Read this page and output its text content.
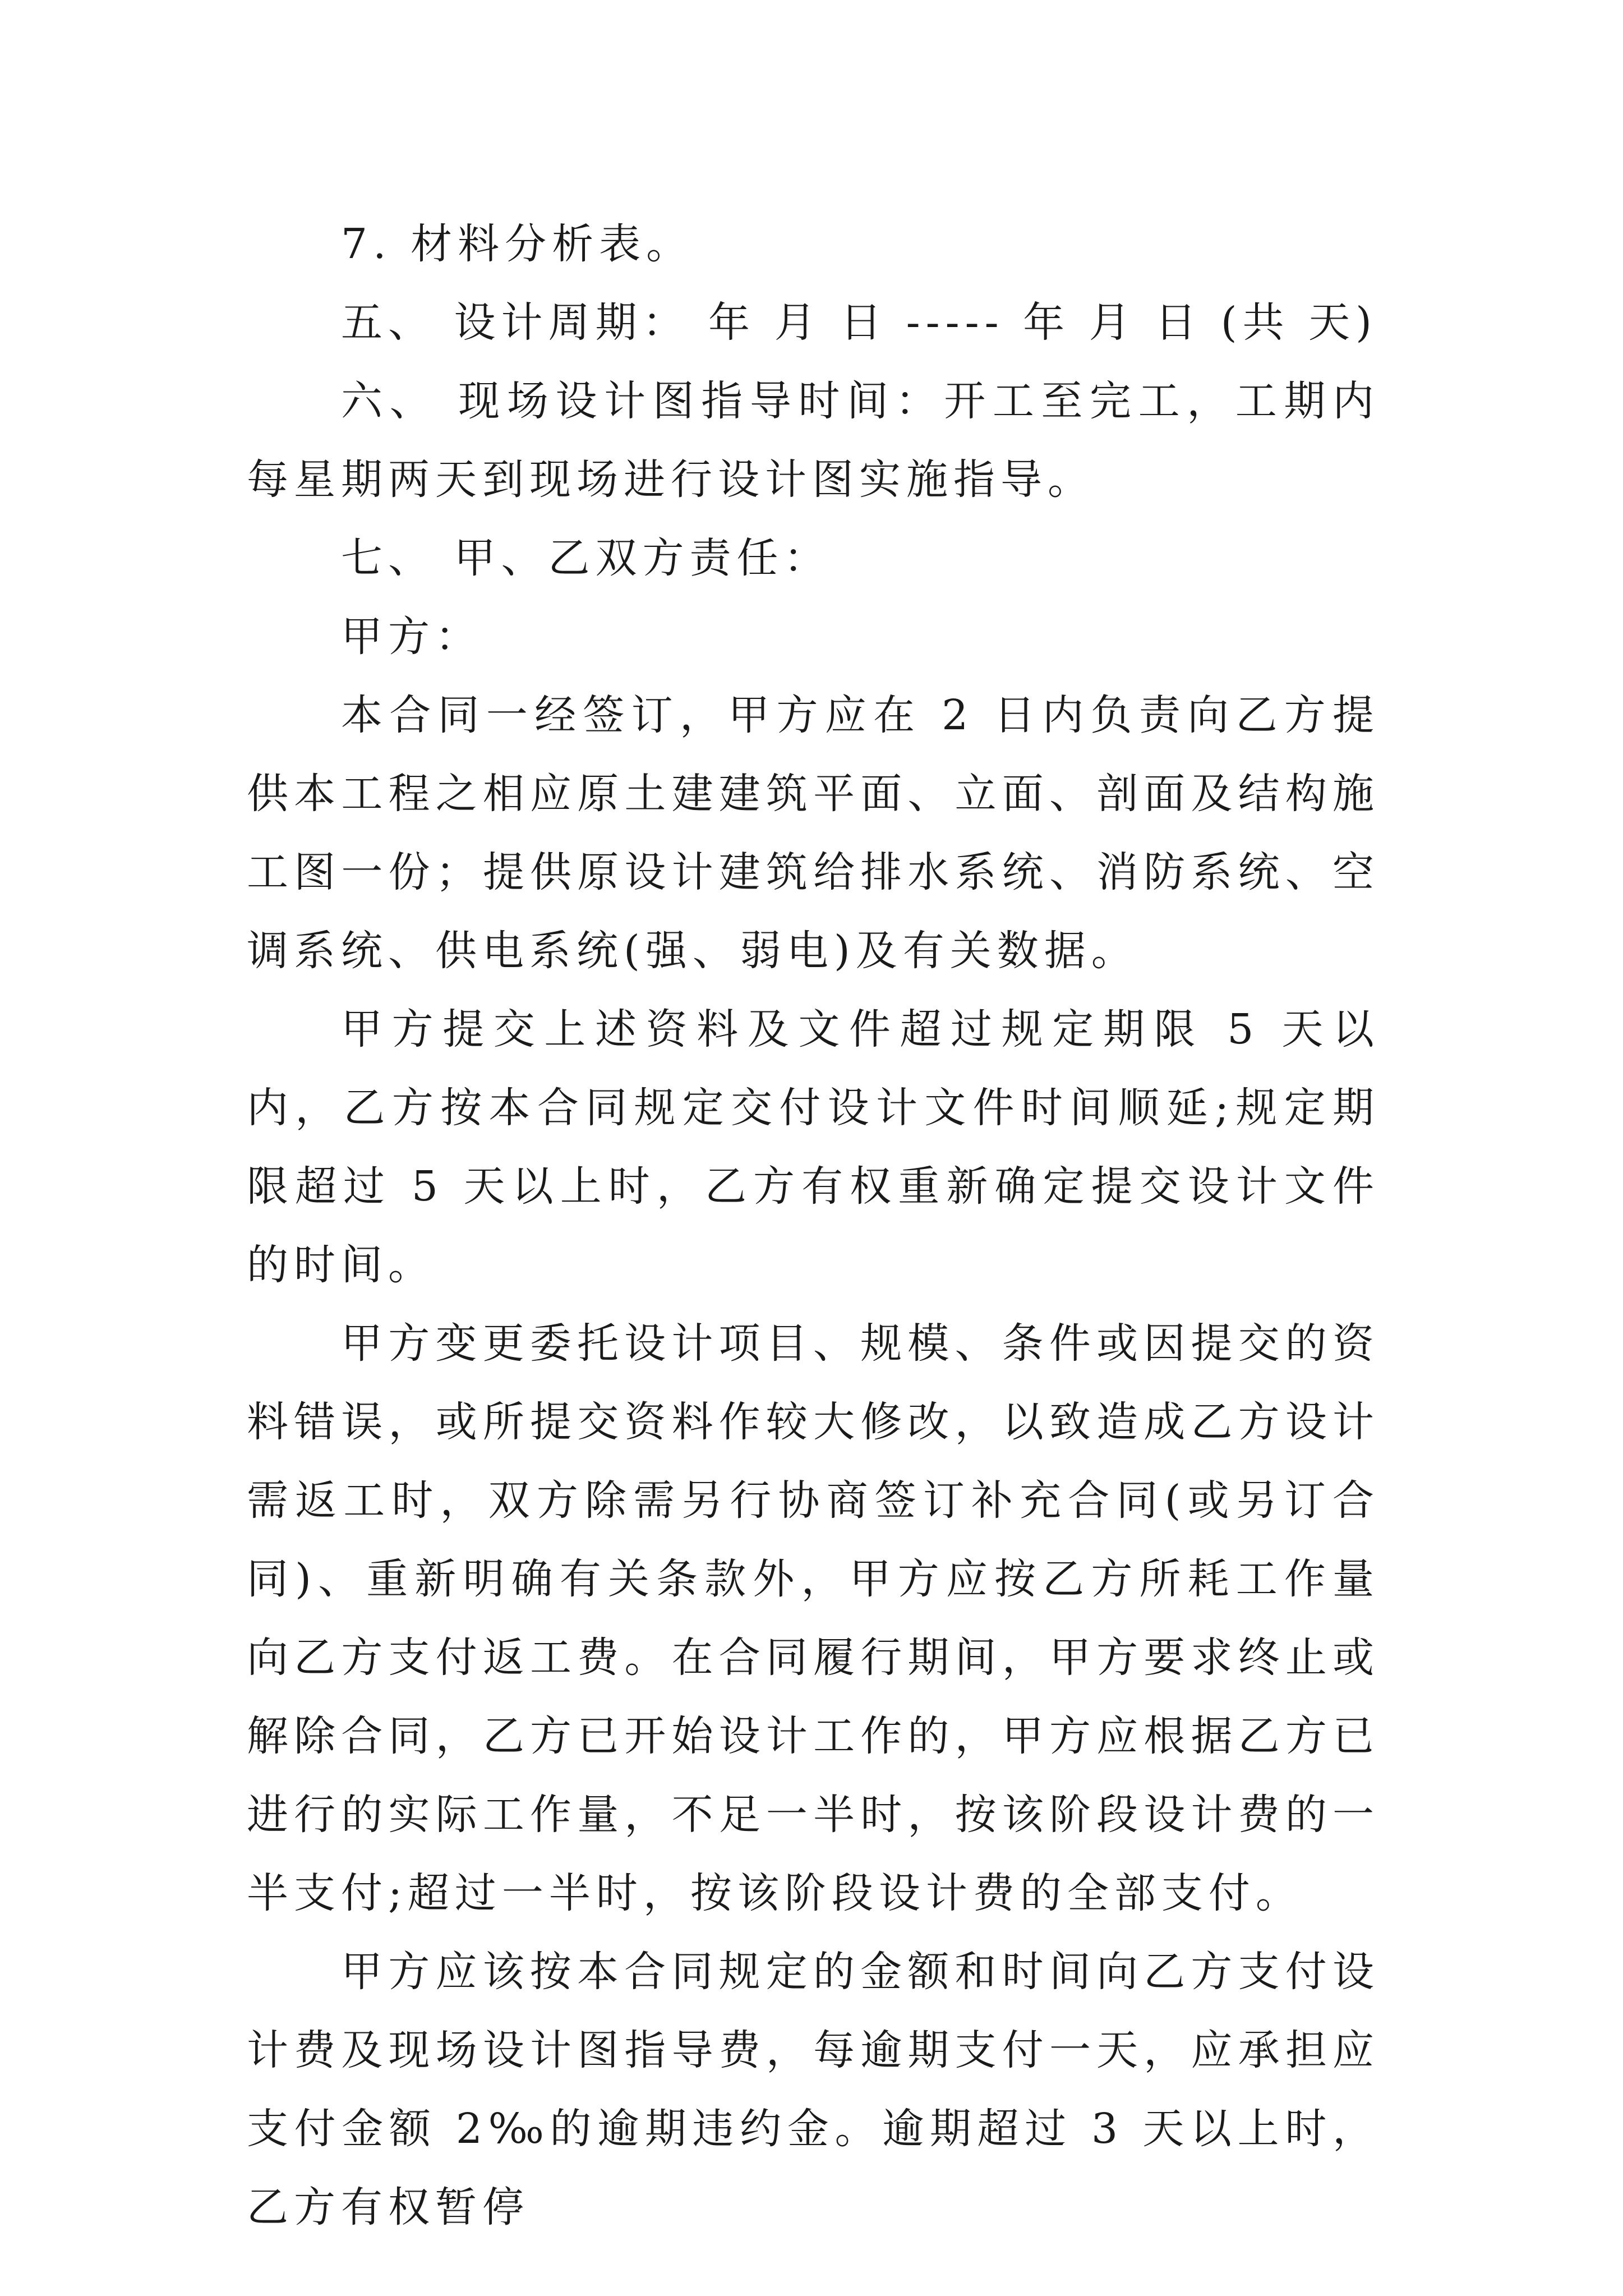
7. 材料分析表。

五、 设计周期： 年 月 日 ----- 年 月 日 (共 天)

六、 现场设计图指导时间：开工至完工，工期内每星期两天到现场进行设计图实施指导。

七、 甲、乙双方责任：

甲方：

本合同一经签订，甲方应在 2 日内负责向乙方提供本工程之相应原土建建筑平面、立面、剖面及结构施工图一份；提供原设计建筑给排水系统、消防系统、空调系统、供电系统(强、弱电)及有关数据。

甲方提交上述资料及文件超过规定期限 5 天以内，乙方按本合同规定交付设计文件时间顺延;规定期限超过 5 天以上时，乙方有权重新确定提交设计文件的时间。

甲方变更委托设计项目、规模、条件或因提交的资料错误，或所提交资料作较大修改，以致造成乙方设计需返工时，双方除需另行协商签订补充合同(或另订合同)、重新明确有关条款外，甲方应按乙方所耗工作量向乙方支付返工费。在合同履行期间，甲方要求终止或解除合同，乙方已开始设计工作的，甲方应根据乙方已进行的实际工作量，不足一半时，按该阶段设计费的一半支付;超过一半时，按该阶段设计费的全部支付。

甲方应该按本合同规定的金额和时间向乙方支付设计费及现场设计图指导费，每逾期支付一天，应承担应支付金额 2‰的逾期违约金。逾期超过 3 天以上时，乙方有权暂停
